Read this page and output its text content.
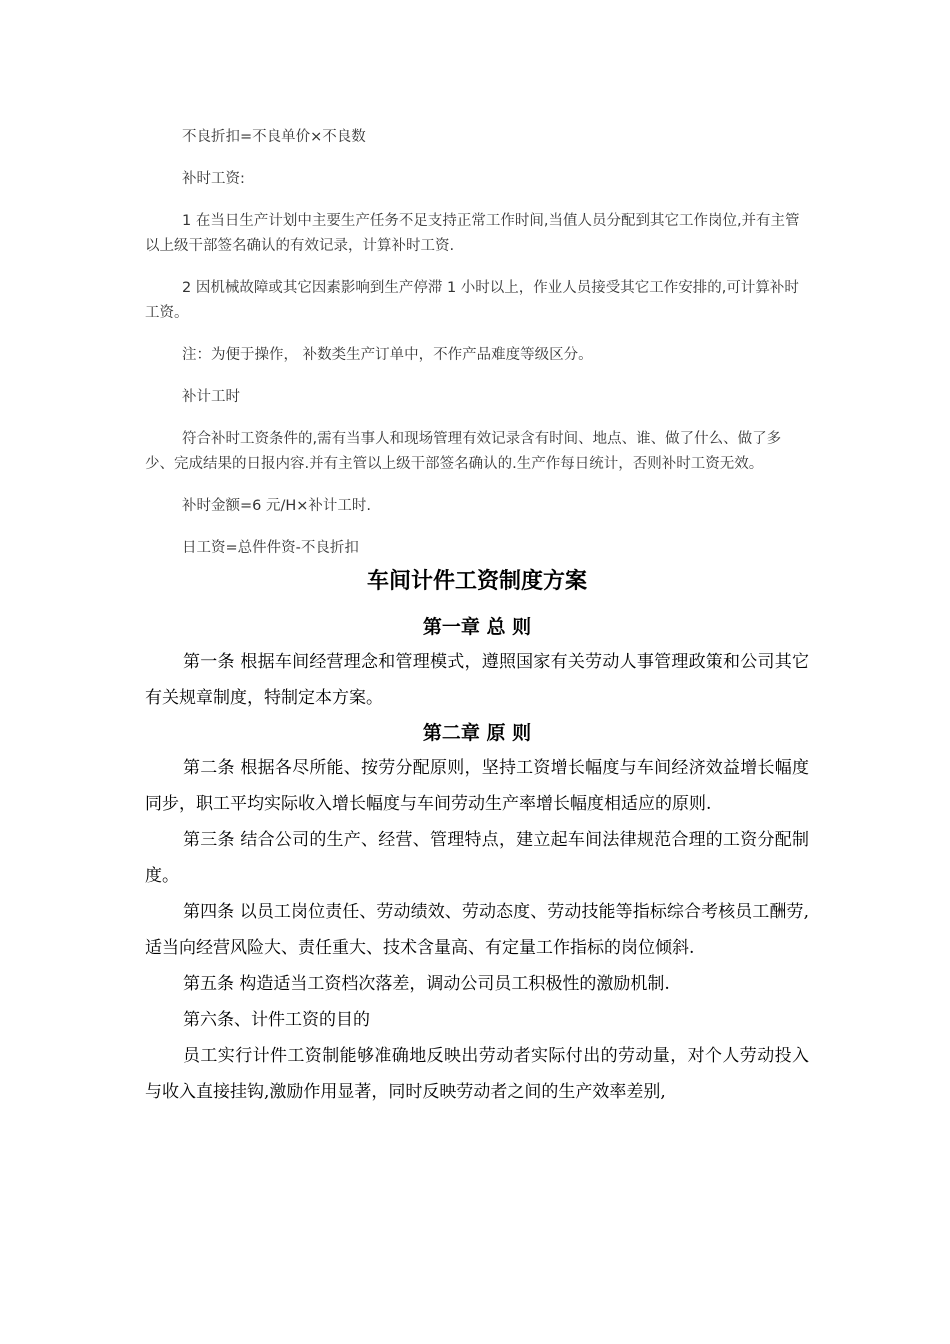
不良折扣=不良单价×不良数

补时工资:

1 在当日生产计划中主要生产任务不足支持正常工作时间,当值人员分配到其它工作岗位,并有主管以上级干部签名确认的有效记录，计算补时工资.

2 因机械故障或其它因素影响到生产停滞 1 小时以上，作业人员接受其它工作安排的,可计算补时工资。

注：为便于操作， 补数类生产订单中，不作产品难度等级区分。

补计工时

符合补时工资条件的,需有当事人和现场管理有效记录含有时间、地点、谁、做了什么、做了多少、完成结果的日报内容.并有主管以上级干部签名确认的.生产作每日统计，否则补时工资无效。

补时金额=6 元/H×补计工时.

日工资=总件件资-不良折扣

车间计件工资制度方案
第一章 总 则

第一条 根据车间经营理念和管理模式，遵照国家有关劳动人事管理政策和公司其它有关规章制度，特制定本方案。

第二章 原 则

第二条 根据各尽所能、按劳分配原则，坚持工资增长幅度与车间经济效益增长幅度同步，职工平均实际收入增长幅度与车间劳动生产率增长幅度相适应的原则.

第三条 结合公司的生产、经营、管理特点，建立起车间法律规范合理的工资分配制度。

第四条 以员工岗位责任、劳动绩效、劳动态度、劳动技能等指标综合考核员工酬劳,适当向经营风险大、责任重大、技术含量高、有定量工作指标的岗位倾斜.

第五条 构造适当工资档次落差，调动公司员工积极性的激励机制.

第六条、计件工资的目的

员工实行计件工资制能够准确地反映出劳动者实际付出的劳动量，对个人劳动投入与收入直接挂钩,激励作用显著，同时反映劳动者之间的生产效率差别,
